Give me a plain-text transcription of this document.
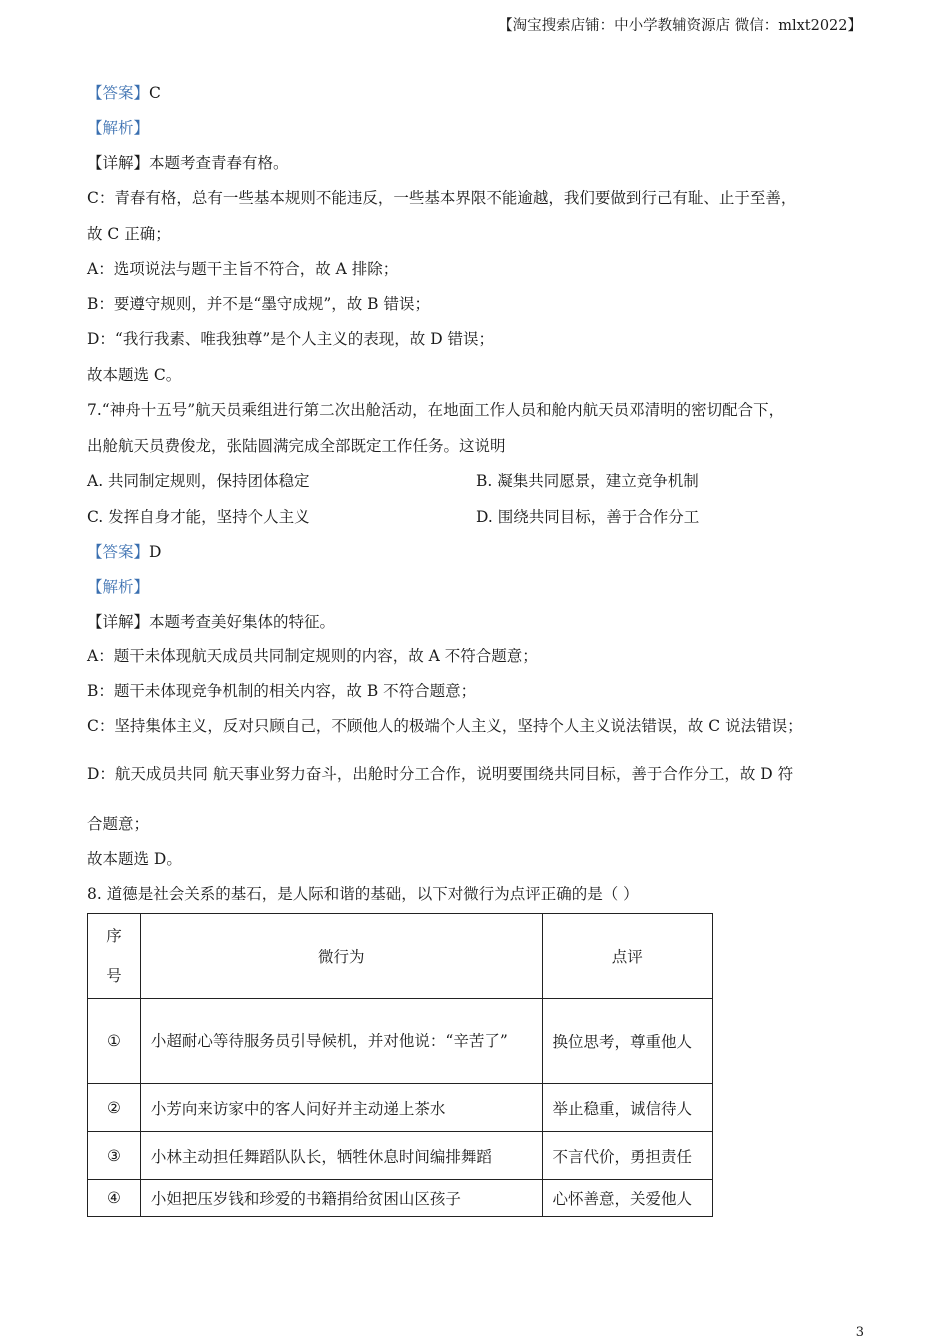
【淘宝搜索店铺：中小学教辅资源店 微信：mlxt2022】
【答案】C
【解析】
【详解】本题考查青春有格。
C：青春有格，总有一些基本规则不能违反，一些基本界限不能逾越，我们要做到行己有耻、止于至善，
故 C 正确；
A：选项说法与题干主旨不符合，故 A 排除；
B：要遵守规则，并不是“墨守成规”，故 B 错误；
D：“我行我素、唯我独尊”是个人主义的表现，故 D 错误；
故本题选 C。
7.“神舟十五号”航天员乘组进行第二次出舱活动，在地面工作人员和舱内航天员邓清明的密切配合下，
出舱航天员费俊龙，张陆圆满完成全部既定工作任务。这说明
A. 共同制定规则，保持团体稳定	B. 凝集共同愿景，建立竞争机制
C. 发挥自身才能，坚持个人主义	D. 围绕共同目标，善于合作分工
【答案】D
【解析】
【详解】本题考查美好集体的特征。
A：题干未体现航天成员共同制定规则的内容，故 A 不符合题意；
B：题干未体现竞争机制的相关内容，故 B 不符合题意；
C：坚持集体主义，反对只顾自己，不顾他人的极端个人主义，坚持个人主义说法错误，故 C 说法错误；
D：航天成员共同 航天事业努力奋斗，出舱时分工合作，说明要围绕共同目标，善于合作分工，故 D 符
合题意；
故本题选 D。
8. 道德是社会关系的基石，是人际和谐的基础，以下对微行为点评正确的是（ ）
序
号	微行为	点评
①	小超耐心等待服务员引导候机，并对他说：“辛苦了”	换位思考，尊重他人
②	小芳向来访家中的客人问好并主动递上茶水	举止稳重，诚信待人
③	小林主动担任舞蹈队队长，牺牲休息时间编排舞蹈	不言代价，勇担责任
④	小妲把压岁钱和珍爱的书籍捐给贫困山区孩子	心怀善意，关爱他人
3
